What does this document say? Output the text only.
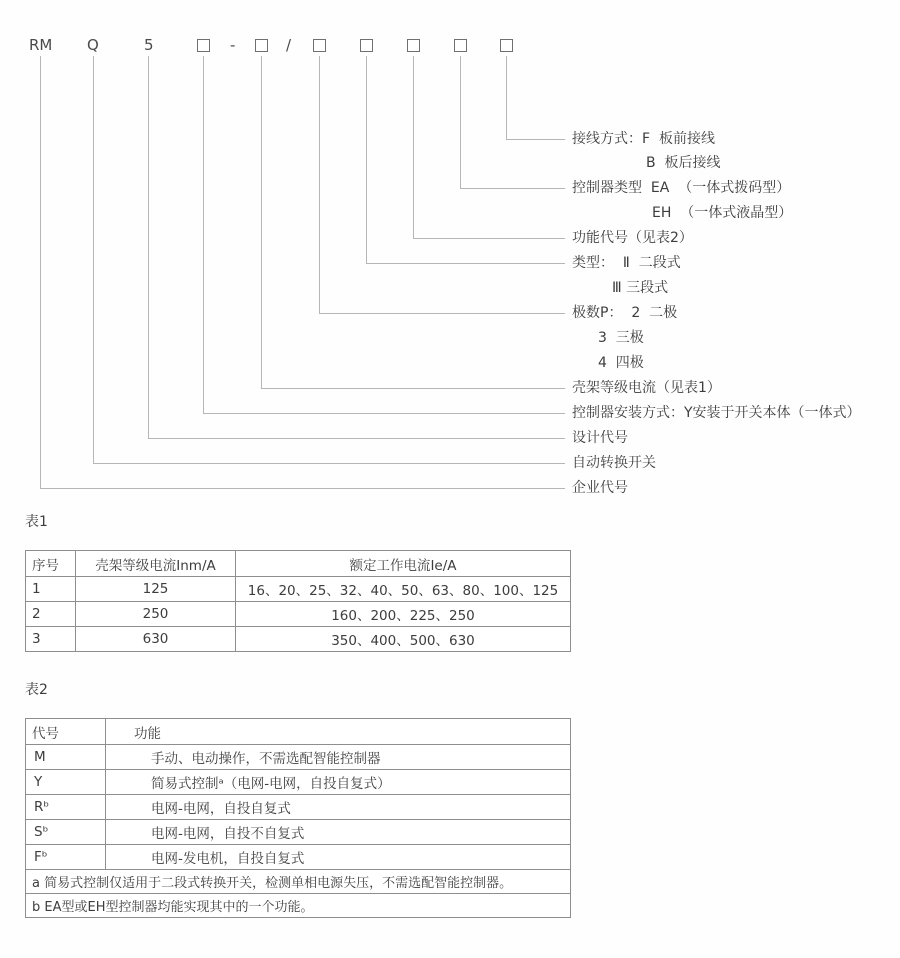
RM Q	5	-	/
接线方式：F  板前接线
B  板后接线
控制器类型  EA  （一体式拨码型）
EH  （一体式液晶型）
功能代号（见表2）
类型：  Ⅱ  二段式
Ⅲ 三段式
极数P：  2  二极
3  三极
4  四极
壳架等级电流（见表1）
控制器安装方式：Y安装于开关本体（一体式）
设计代号
自动转换开关
企业代号
表1
序号	壳架等级电流Inm/A	额定工作电流Ie/A
1	125	16、20、25、32、40、50、63、80、100、125
2	250	160、200、225、250
3	630	350、400、500、630
表2
代号	功能
M	手动、电动操作，不需选配智能控制器
Y	简易式控制ᵃ（电网-电网，自投自复式）
Rᵇ	电网-电网，自投自复式
Sᵇ	电网-电网，自投不自复式
Fᵇ	电网-发电机，自投自复式
a 简易式控制仅适用于二段式转换开关，检测单相电源失压，不需选配智能控制器。	
b EA型或EH型控制器均能实现其中的一个功能。	
